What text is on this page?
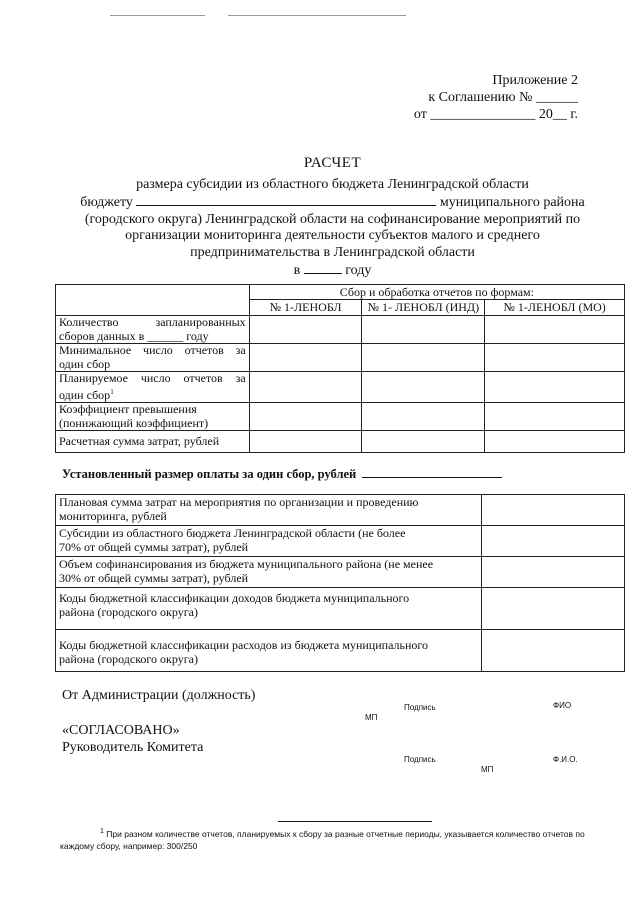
Приложение 2
к Соглашению № ______
от _______________ 20__ г.
РАСЧЕТ
размера субсидии из областного бюджета Ленинградской области
бюджету	муниципального района
(городского округа) Ленинградской области на софинансирование мероприятий по
организации мониторинга деятельности субъектов малого и среднего
предпринимательства в Ленинградской области
в	году
	Сбор и обработка отчетов по формам:		
	№ 1-ЛЕНОБЛ	№ 1- ЛЕНОБЛ (ИНД)	№ 1-ЛЕНОБЛ (МО)

Количество запланированных
сборов данных в ______ году			

Минимальное число отчетов за
один сбор			

Планируемое число отчетов за
один сбор$^1$

Коэффициент превышения
(понижающий коэффициент)			

Расчетная сумма затрат, рублей			

Установленный размер оплаты за один сбор, рублей
Плановая сумма затрат на мероприятия по организации и проведению
мониторинга, рублей	

Субсидии из областного бюджета Ленинградской области (не более
70% от общей суммы затрат), рублей	

Объем софинансирования из бюджета муниципального района (не менее
30% от общей суммы затрат), рублей	

Коды бюджетной классификации доходов бюджета муниципального
района (городского округа)	

Коды бюджетной классификации расходов из бюджета муниципального
района (городского округа)	

От Администрации (должность)
Подпись	ФИО
МП
«СОГЛАСОВАНО»
Руководитель Комитета
Подпись	Ф.И.О.
МП
$^1$ При разном количестве отчетов, планируемых к сбору за разные отчетные периоды, указывается количество отчетов по каждому сбору, например: 300/250
